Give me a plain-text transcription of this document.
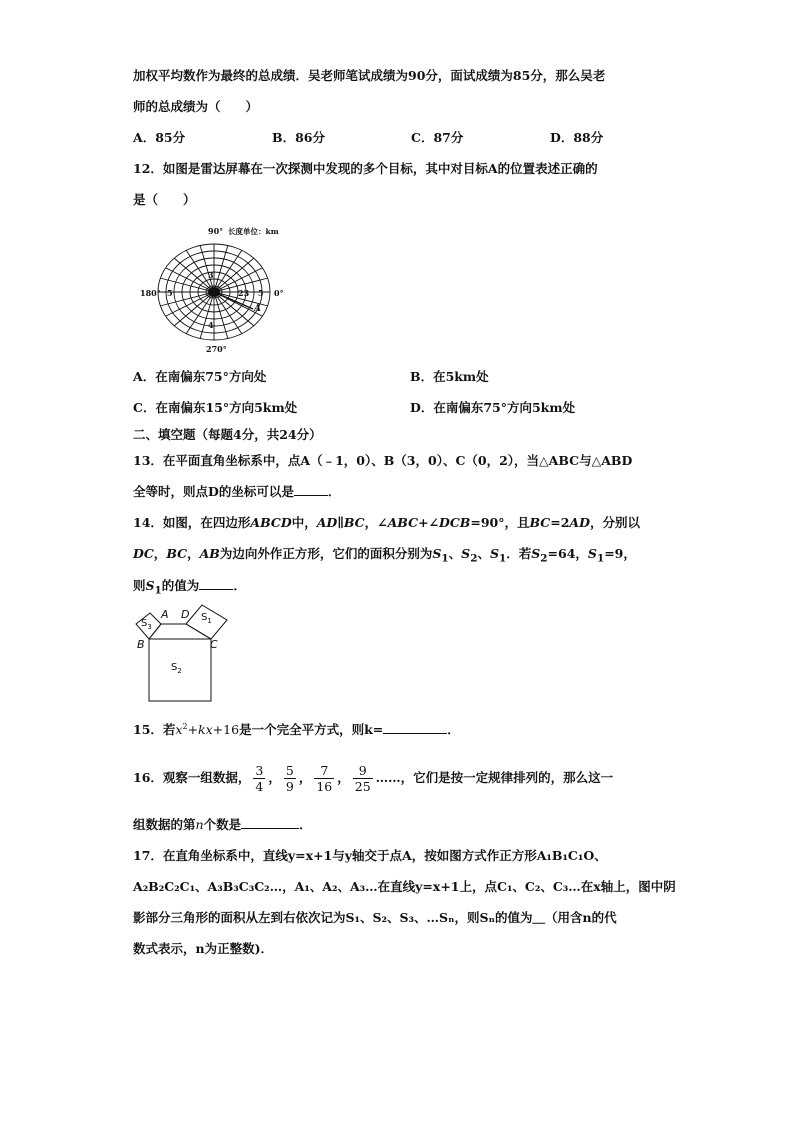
加权平均数作为最终的总成绩．吴老师笔试成绩为90分，面试成绩为85分，那么吴老
师的总成绩为（　　）
A．85分	B．86分	C．87分	D．88分
12．如图是雷达屏幕在一次探测中发现的多个目标，其中对目标A的位置表述正确的
是（　　）
90° 长度单位：km
180°	0°
270°
5	5
23
4
3
A
A．在南偏东75°方向处	B．在5km处
C．在南偏东15°方向5km处	D．在南偏东75°方向5km处
二、填空题（每题4分，共24分）
13．在平面直角坐标系中，点A（﹣1，0）、B（3，0）、C（0，2），当△ABC与△ABD
全等时，则点D的坐标可以是	．
14．如图，在四边形ABCD中，AD∥BC，∠ABC+∠DCB=90°，且BC=2AD，分别以
DC，BC，AB为边向外作正方形，它们的面积分别为$S_1$、$S_2$、$S_1$．若$S_2=64$，$S_1=9$，
则$S_1$的值为	．
A D
B	C
$S_3$
$S_1$
$S_2$
15．若$x^2+kx+16$是一个完全平方式，则k=	．
16．观察一组数据， $\frac{3}{4}$ ， $\frac{5}{9}$ ， $\frac{7}{16}$ ， $\frac{9}{25}$ ……，它们是按一定规律排列的，那么这一
组数据的第n个数是	．
17．在直角坐标系中，直线y=x+1与y轴交于点A，按如图方式作正方形A₁B₁C₁O、
A₂B₂C₂C₁、A₃B₃C₃C₂…，A₁、A₂、A₃…在直线y=x+1上，点C₁、C₂、C₃…在x轴上，图中阴
影部分三角形的面积从左到右依次记为S₁、S₂、S₃、…Sₙ，则Sₙ的值为＿（用含n的代
数式表示，n为正整数)．
